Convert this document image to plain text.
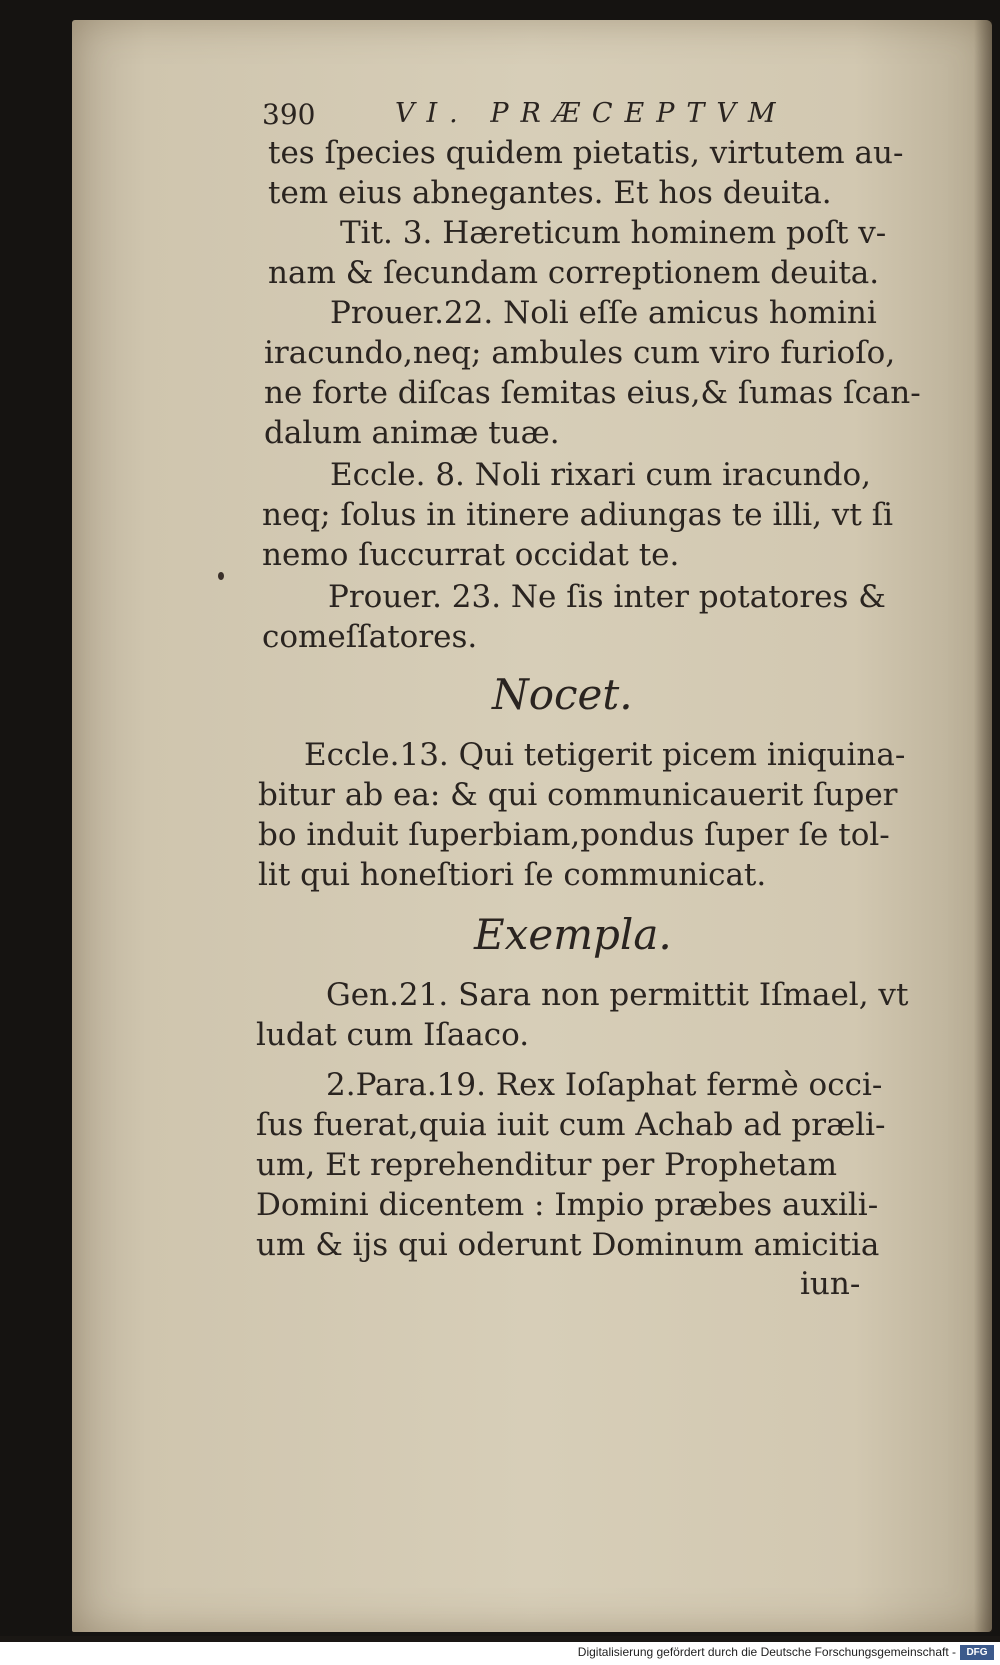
390	VI. PRÆCEPTVM
tes ſpecies quidem pietatis, virtutem au-
tem eius abnegantes. Et hos deuita.
Tit. 3. Hæreticum hominem poſt v-
nam & ſecundam correptionem deuita.
Prouer.22. Noli eſſe amicus homini
iracundo,neq; ambules cum viro furioſo,
ne forte diſcas ſemitas eius,& ſumas ſcan-
dalum animæ tuæ.
Eccle. 8. Noli rixari cum iracundo,
neq; ſolus in itinere adiungas te illi, vt ſi
nemo ſuccurrat occidat te.
Prouer. 23. Ne ſis inter potatores &
comeſſatores.
Nocet.
Eccle.13. Qui tetigerit picem iniquina-
bitur ab ea: & qui communicauerit ſuper
bo induit ſuperbiam,pondus ſuper ſe tol-
lit qui honeſtiori ſe communicat.
Exempla.
Gen.21. Sara non permittit Iſmael, vt
ludat cum Iſaaco.
2.Para.19. Rex Ioſaphat fermè occi-
ſus fuerat,quia iuit cum Achab ad præli-
um, Et reprehenditur per Prophetam
Domini dicentem : Impio præbes auxili-
um & ijs qui oderunt Dominum amicitia
iun-
Digitalisierung gefördert durch die Deutsche Forschungsgemeinschaft -	DFG
